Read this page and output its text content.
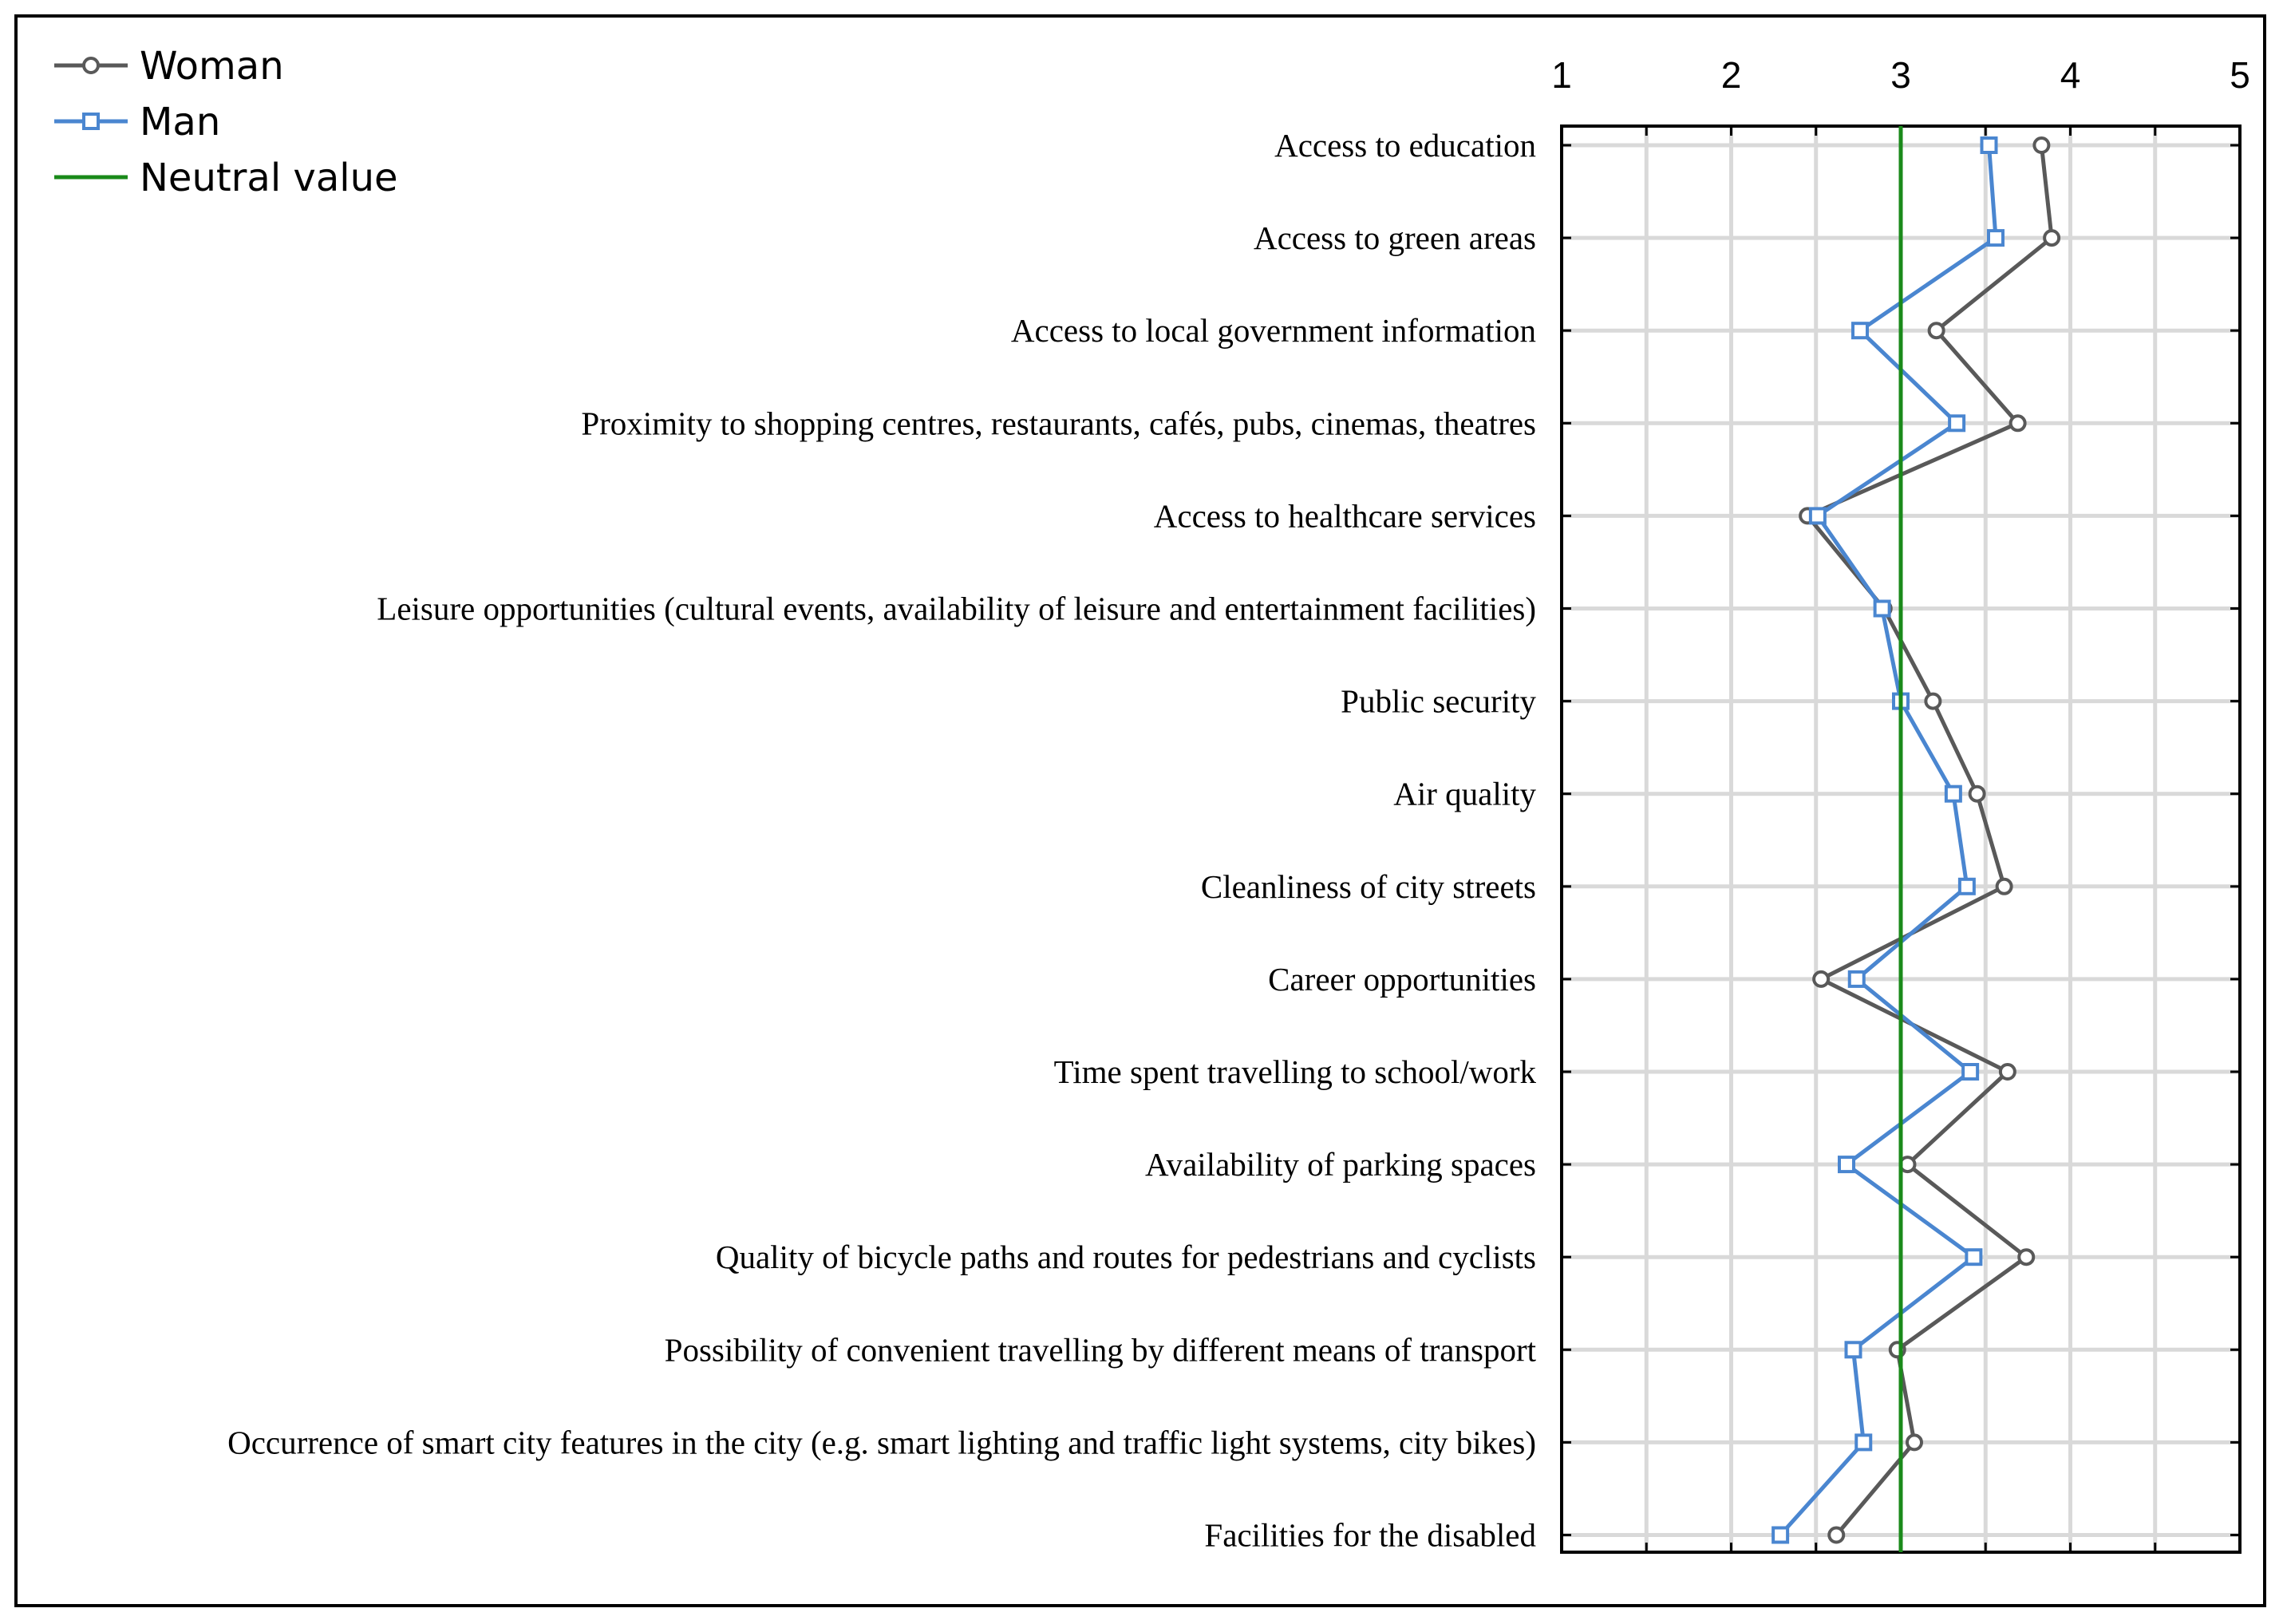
Access to education
Access to green areas
Access to local government information
Proximity to shopping centres, restaurants, cafés, pubs, cinemas, theatres
Access to healthcare services
Leisure opportunities (cultural events, availability of leisure and entertainment facilities)
Public security
Air quality
Cleanliness of city streets
Career opportunities
Time spent travelling to school/work
Availability of parking spaces
Quality of bicycle paths and routes for pedestrians and cyclists
Possibility of convenient travelling by different means of transport
Occurrence of smart city features in the city (e.g. smart lighting and traffic light systems, city bikes)
Facilities for the disabled
1	2	3	4	5
Woman
Man
Neutral value
